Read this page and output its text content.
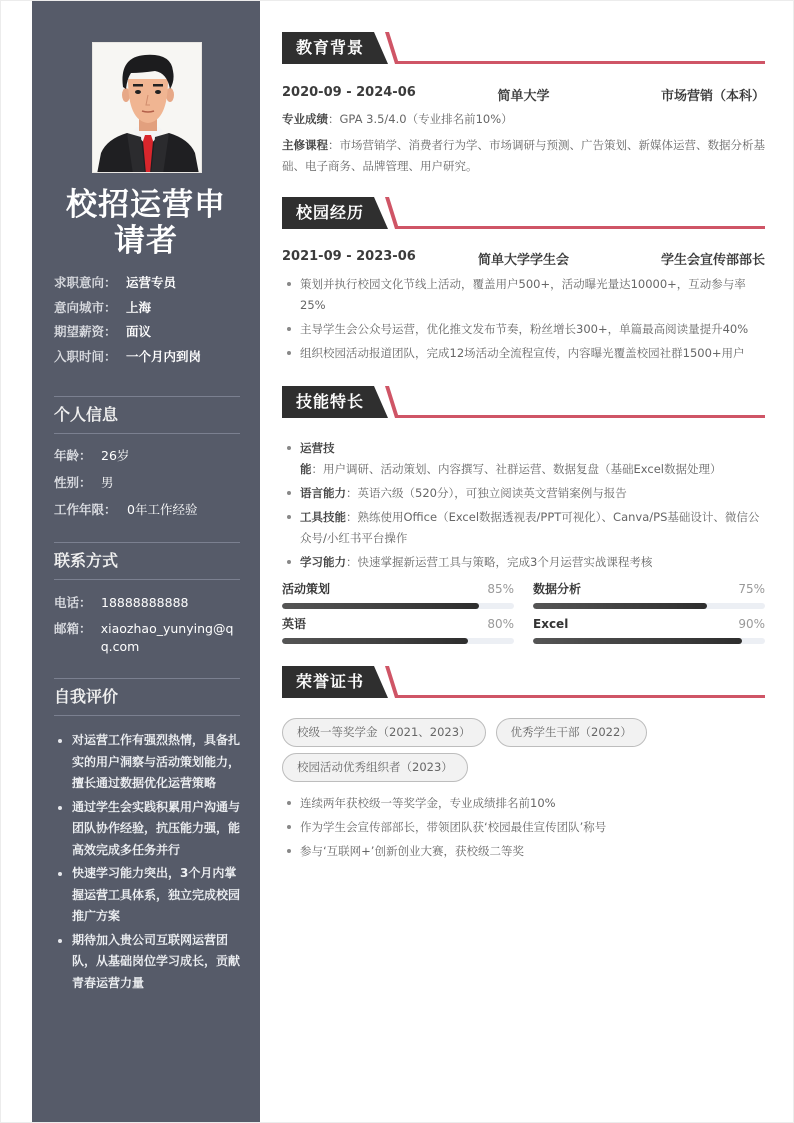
校招运营申请者
求职意向： 运营专员
意向城市： 上海
期望薪资： 面议
入职时间： 一个月内到岗
个人信息
年龄： 26岁
性别： 男
工作年限： 0年工作经验
联系方式
电话： 18888888888
邮箱： xiaozhao_yunying@qq.com
自我评价
对运营工作有强烈热情，具备扎实的用户洞察与活动策划能力，擅长通过数据优化运营策略
通过学生会实践积累用户沟通与团队协作经验，抗压能力强，能高效完成多任务并行
快速学习能力突出，3个月内掌握运营工具体系，独立完成校园推广方案
期待加入贵公司互联网运营团队，从基础岗位学习成长，贡献青春运营力量
教育背景
2020-09 - 2024-06	简单大学	市场营销（本科）
专业成绩：GPA 3.5/4.0（专业排名前10%）
主修课程：市场营销学、消费者行为学、市场调研与预测、广告策划、新媒体运营、数据分析基础、电子商务、品牌管理、用户研究。
校园经历
2021-09 - 2023-06	简单大学学生会	学生会宣传部部长
策划并执行校园文化节线上活动，覆盖用户500+，活动曝光量达10000+，互动参与率25%
主导学生会公众号运营，优化推文发布节奏，粉丝增长300+，单篇最高阅读量提升40%
组织校园活动报道团队，完成12场活动全流程宣传，内容曝光覆盖校园社群1500+用户
技能特长
运营技
能：用户调研、活动策划、内容撰写、社群运营、数据复盘（基础Excel数据处理）
语言能力：英语六级（520分），可独立阅读英文营销案例与报告
工具技能：熟练使用Office（Excel数据透视表/PPT可视化）、Canva/PS基础设计、微信公众号/小红书平台操作
学习能力：快速掌握新运营工具与策略，完成3个月运营实战课程考核
活动策划	85% 数据分析	75%
英语	80% Excel	90%
荣誉证书
校级一等奖学金（2021、2023）	优秀学生干部（2022）
校园活动优秀组织者（2023）
连续两年获校级一等奖学金，专业成绩排名前10%
作为学生会宣传部部长，带领团队获‘校园最佳宣传团队’称号
参与‘互联网+’创新创业大赛，获校级二等奖
